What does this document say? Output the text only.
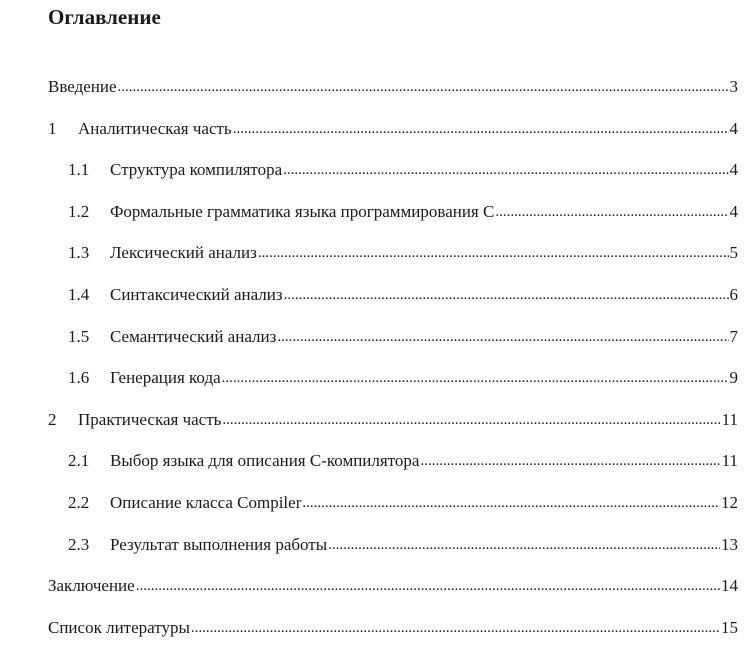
Оглавление
Введение .....	3
1	Аналитическая часть .....	4
1.1	Структура компилятора .....	4
1.2	Формальные грамматика языка программирования С .....	4
1.3	Лексический анализ .....	5
1.4	Синтаксический анализ .....	6
1.5	Семантический анализ .....	7
1.6	Генерация кода .....	9
2	Практическая часть .....	11
2.1	Выбор языка для описания С-компилятора .....	11
2.2	Описание класса Compiler .....	12
2.3	Результат выполнения работы .....	13
Заключение .....	14
Список литературы .....	15
